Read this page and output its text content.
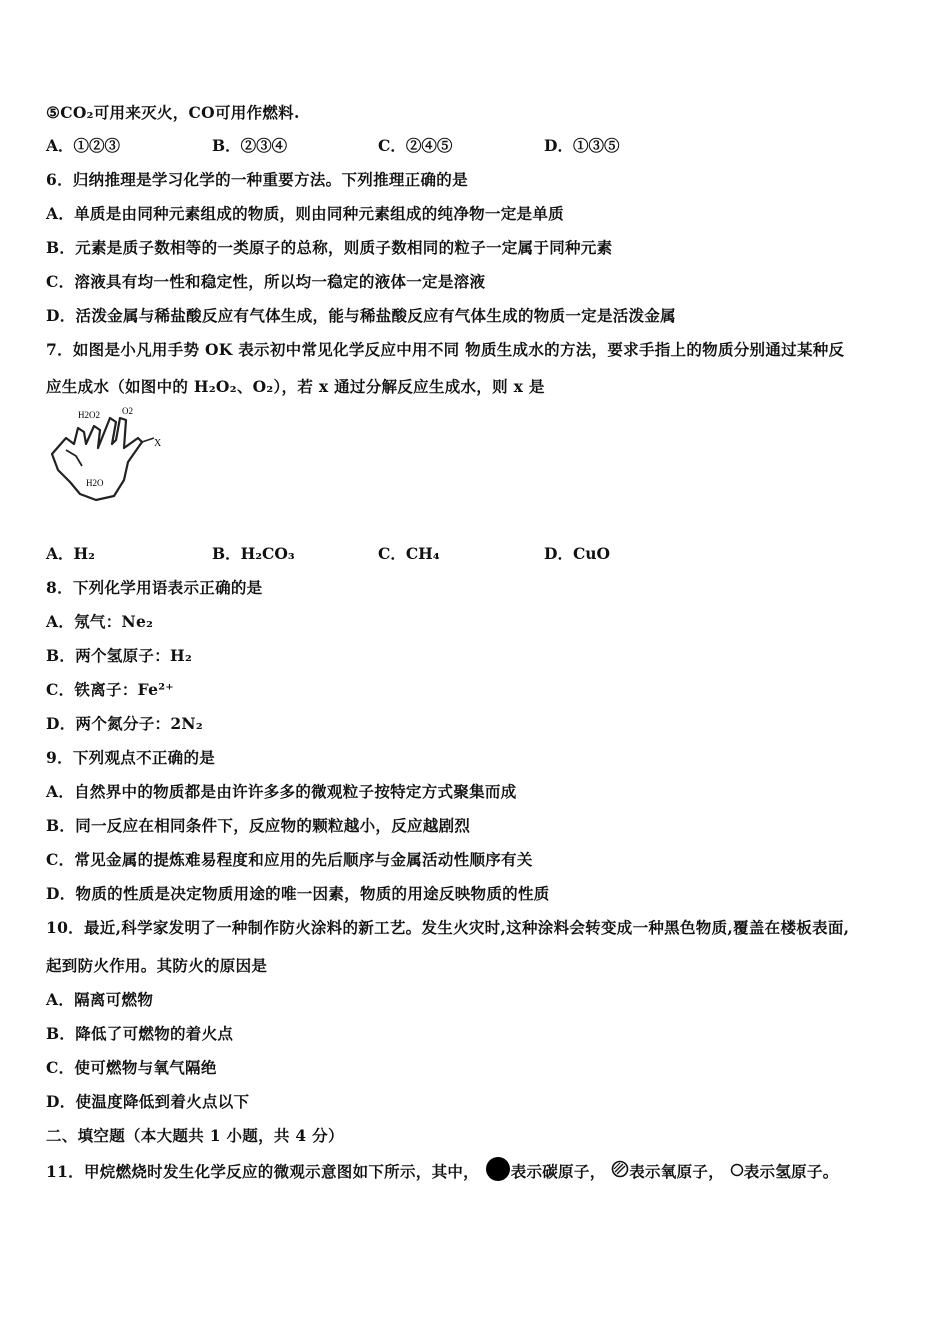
⑤CO₂可用来灭火，CO可用作燃料.
A．①②③	B．②③④	C．②④⑤	D．①③⑤
6．归纳推理是学习化学的一种重要方法。下列推理正确的是
A．单质是由同种元素组成的物质，则由同种元素组成的纯净物一定是单质
B．元素是质子数相等的一类原子的总称，则质子数相同的粒子一定属于同种元素
C．溶液具有均一性和稳定性，所以均一稳定的液体一定是溶液
D．活泼金属与稀盐酸反应有气体生成，能与稀盐酸反应有气体生成的物质一定是活泼金属
7．如图是小凡用手势 OK 表示初中常见化学反应中用不同 物质生成水的方法，要求手指上的物质分别通过某种反
应生成水（如图中的 H₂O₂、O₂），若 x 通过分解反应生成水，则 x 是
H2O2 O2
X
H2O
A．H₂	B．H₂CO₃	C．CH₄	D．CuO
8．下列化学用语表示正确的是
A．氖气：Ne₂
B．两个氢原子：H₂
C．铁离子：Fe²⁺
D．两个氮分子：2N₂
9．下列观点不正确的是
A．自然界中的物质都是由许许多多的微观粒子按特定方式聚集而成
B．同一反应在相同条件下，反应物的颗粒越小，反应越剧烈
C．常见金属的提炼难易程度和应用的先后顺序与金属活动性顺序有关
D．物质的性质是决定物质用途的唯一因素，物质的用途反映物质的性质
10．最近,科学家发明了一种制作防火涂料的新工艺。发生火灾时,这种涂料会转变成一种黑色物质,覆盖在楼板表面,
起到防火作用。其防火的原因是
A．隔离可燃物
B．降低了可燃物的着火点
C．使可燃物与氧气隔绝
D．使温度降低到着火点以下
二、填空题（本大题共 1 小题，共 4 分）
11．甲烷燃烧时发生化学反应的微观示意图如下所示，其中， 表示碳原子， 表示氧原子， 表示氢原子。
